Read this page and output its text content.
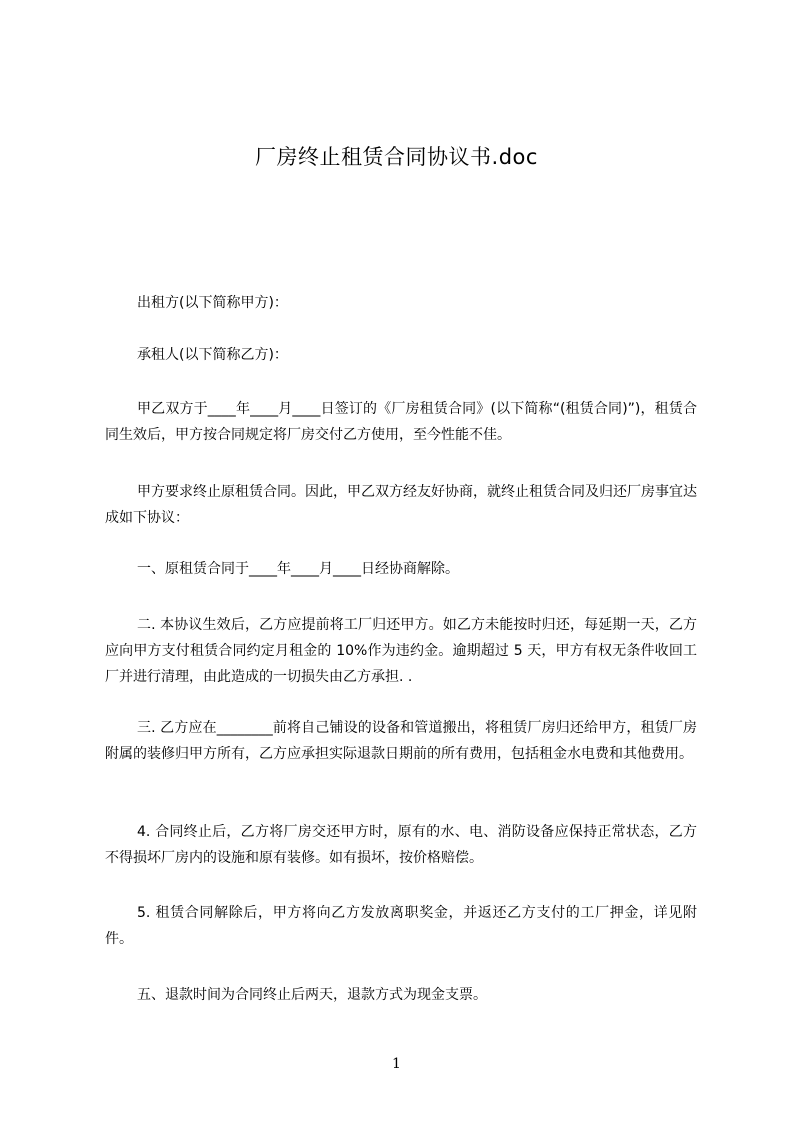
厂房终止租赁合同协议书.doc

出租方(以下简称甲方)：

承租人(以下简称乙方)：

甲乙双方于____年____月____日签订的《厂房租赁合同》(以下简称“(租赁合同)”)，租赁合同生效后，甲方按合同规定将厂房交付乙方使用，至今性能不佳。

甲方要求终止原租赁合同。因此，甲乙双方经友好协商，就终止租赁合同及归还厂房事宜达成如下协议：

一、原租赁合同于____年____月____日经协商解除。

二. 本协议生效后，乙方应提前将工厂归还甲方。如乙方未能按时归还，每延期一天，乙方应向甲方支付租赁合同约定月租金的 10%作为违约金。逾期超过 5 天，甲方有权无条件收回工厂并进行清理，由此造成的一切损失由乙方承担. .

三. 乙方应在________前将自己铺设的设备和管道搬出，将租赁厂房归还给甲方，租赁厂房附属的装修归甲方所有，乙方应承担实际退款日期前的所有费用，包括租金水电费和其他费用。

4. 合同终止后，乙方将厂房交还甲方时，原有的水、电、消防设备应保持正常状态，乙方不得损坏厂房内的设施和原有装修。如有损坏，按价格赔偿。

5. 租赁合同解除后，甲方将向乙方发放离职奖金，并返还乙方支付的工厂押金，详见附件。

五、退款时间为合同终止后两天，退款方式为现金支票。

1
